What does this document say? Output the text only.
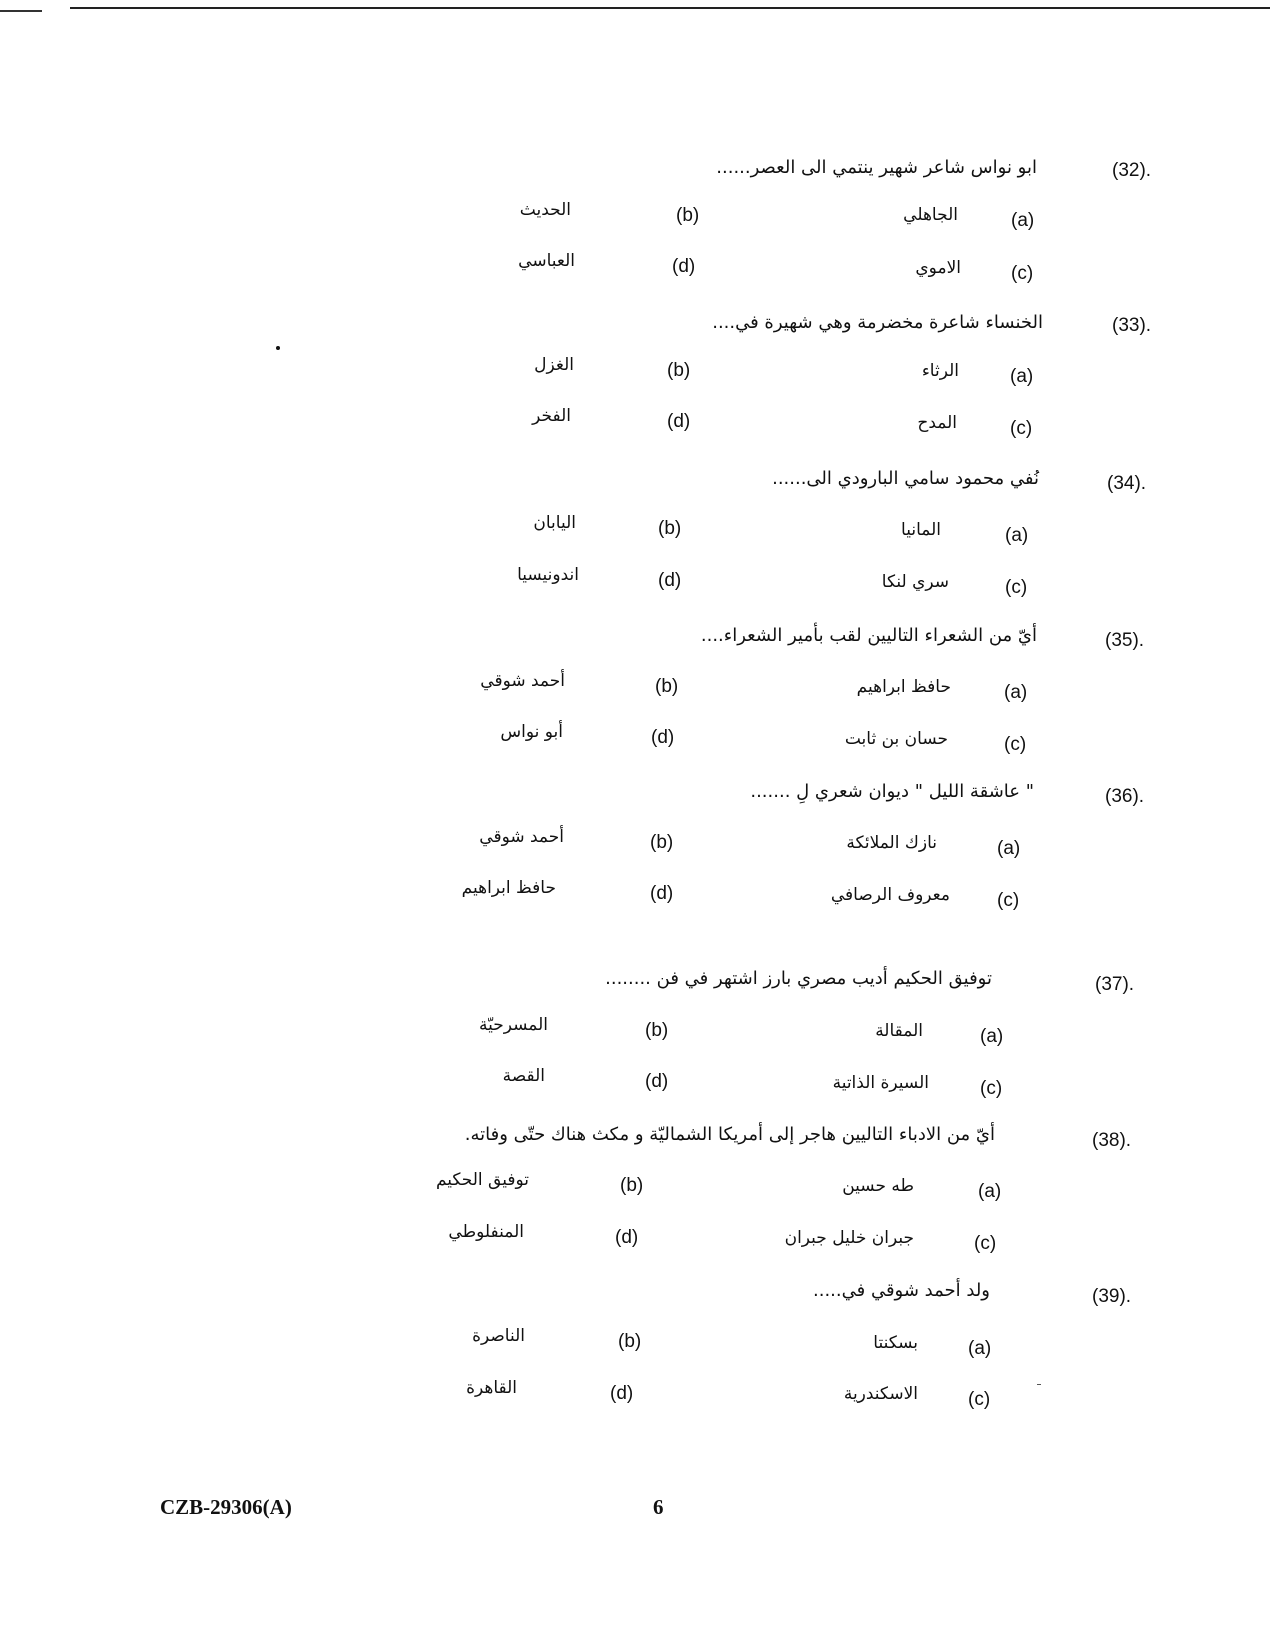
(32).
ابو نواس شاعر شهير ينتمي الى العصر......
(a)
الجاهلي
(b)
الحديث
(c)
الاموي
(d)
العباسي
(33).
الخنساء شاعرة مخضرمة وهي شهيرة في....
(a)
الرثاء
(b)
الغزل
(c)
المدح
(d)
الفخر
(34).
نُفي محمود سامي البارودي الى......
(a)
المانيا
(b)
اليابان
(c)
سري لنكا
(d)
اندونيسيا
(35).
أيّ من الشعراء التاليين لقب بأمير الشعراء....
(a)
حافظ ابراهيم
(b)
أحمد شوقي
(c)
حسان بن ثابت
(d)
أبو نواس
(36).
" عاشقة الليل " ديوان شعري لِ .......
(a)
نازك الملائكة
(b)
أحمد شوقي
(c)
معروف الرصافي
(d)
حافظ ابراهيم
(37).
توفيق الحكيم أديب مصري بارز اشتهر في فن ........
(a)
المقالة
(b)
المسرحيّة
(c)
السيرة الذاتية
(d)
القصة
(38).
أيّ من الادباء التاليين هاجر إلى أمريكا الشماليّة و مكث هناك حتّى وفاته.
(a)
طه حسين
(b)
توفيق الحكيم
(c)
جبران خليل جبران
(d)
المنفلوطي
(39).
ولد أحمد شوقي في.....
(a)
بسكنتا
(b)
الناصرة
(c)
الاسكندرية
(d)
القاهرة
CZB-29306(A)	6
